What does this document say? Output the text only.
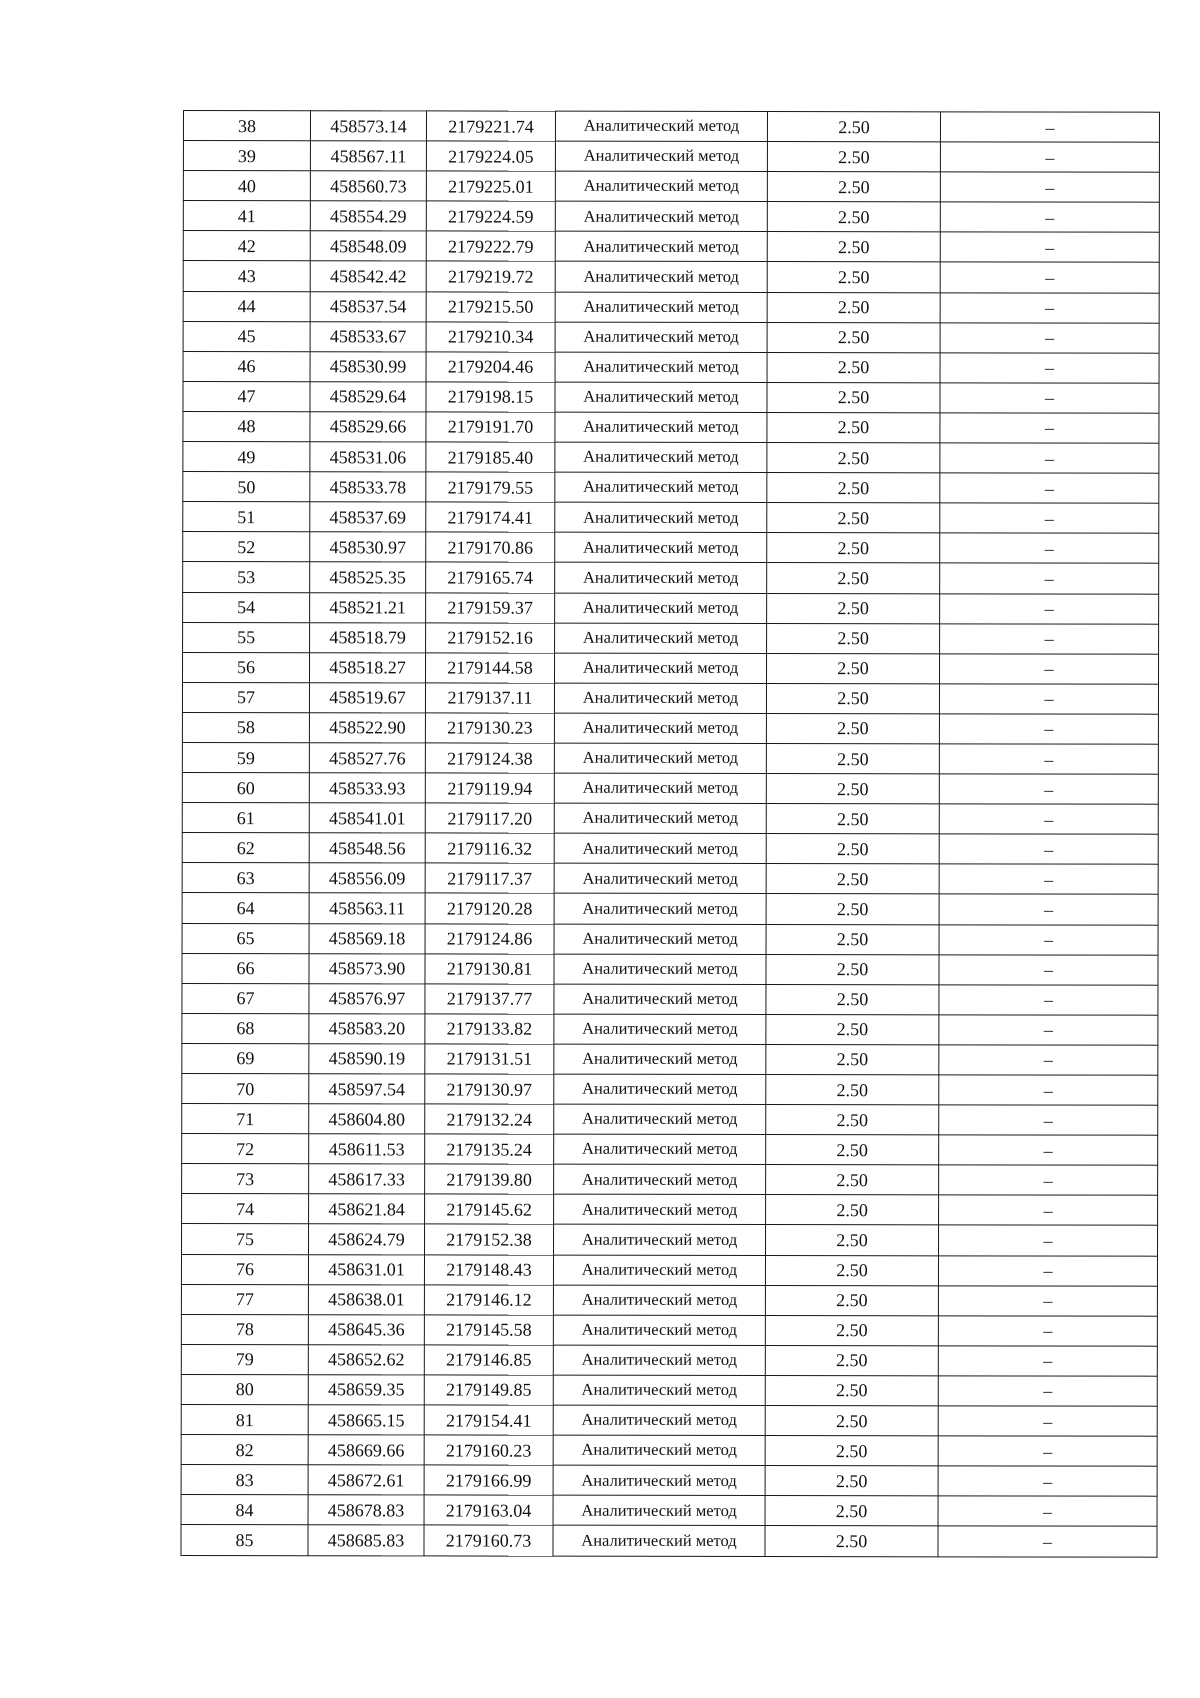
38	458573.14	2179221.74	Аналитический метод	2.50	–
39	458567.11	2179224.05	Аналитический метод	2.50	–
40	458560.73	2179225.01	Аналитический метод	2.50	–
41	458554.29	2179224.59	Аналитический метод	2.50	–
42	458548.09	2179222.79	Аналитический метод	2.50	–
43	458542.42	2179219.72	Аналитический метод	2.50	–
44	458537.54	2179215.50	Аналитический метод	2.50	–
45	458533.67	2179210.34	Аналитический метод	2.50	–
46	458530.99	2179204.46	Аналитический метод	2.50	–
47	458529.64	2179198.15	Аналитический метод	2.50	–
48	458529.66	2179191.70	Аналитический метод	2.50	–
49	458531.06	2179185.40	Аналитический метод	2.50	–
50	458533.78	2179179.55	Аналитический метод	2.50	–
51	458537.69	2179174.41	Аналитический метод	2.50	–
52	458530.97	2179170.86	Аналитический метод	2.50	–
53	458525.35	2179165.74	Аналитический метод	2.50	–
54	458521.21	2179159.37	Аналитический метод	2.50	–
55	458518.79	2179152.16	Аналитический метод	2.50	–
56	458518.27	2179144.58	Аналитический метод	2.50	–
57	458519.67	2179137.11	Аналитический метод	2.50	–
58	458522.90	2179130.23	Аналитический метод	2.50	–
59	458527.76	2179124.38	Аналитический метод	2.50	–
60	458533.93	2179119.94	Аналитический метод	2.50	–
61	458541.01	2179117.20	Аналитический метод	2.50	–
62	458548.56	2179116.32	Аналитический метод	2.50	–
63	458556.09	2179117.37	Аналитический метод	2.50	–
64	458563.11	2179120.28	Аналитический метод	2.50	–
65	458569.18	2179124.86	Аналитический метод	2.50	–
66	458573.90	2179130.81	Аналитический метод	2.50	–
67	458576.97	2179137.77	Аналитический метод	2.50	–
68	458583.20	2179133.82	Аналитический метод	2.50	–
69	458590.19	2179131.51	Аналитический метод	2.50	–
70	458597.54	2179130.97	Аналитический метод	2.50	–
71	458604.80	2179132.24	Аналитический метод	2.50	–
72	458611.53	2179135.24	Аналитический метод	2.50	–
73	458617.33	2179139.80	Аналитический метод	2.50	–
74	458621.84	2179145.62	Аналитический метод	2.50	–
75	458624.79	2179152.38	Аналитический метод	2.50	–
76	458631.01	2179148.43	Аналитический метод	2.50	–
77	458638.01	2179146.12	Аналитический метод	2.50	–
78	458645.36	2179145.58	Аналитический метод	2.50	–
79	458652.62	2179146.85	Аналитический метод	2.50	–
80	458659.35	2179149.85	Аналитический метод	2.50	–
81	458665.15	2179154.41	Аналитический метод	2.50	–
82	458669.66	2179160.23	Аналитический метод	2.50	–
83	458672.61	2179166.99	Аналитический метод	2.50	–
84	458678.83	2179163.04	Аналитический метод	2.50	–
85	458685.83	2179160.73	Аналитический метод	2.50	–
